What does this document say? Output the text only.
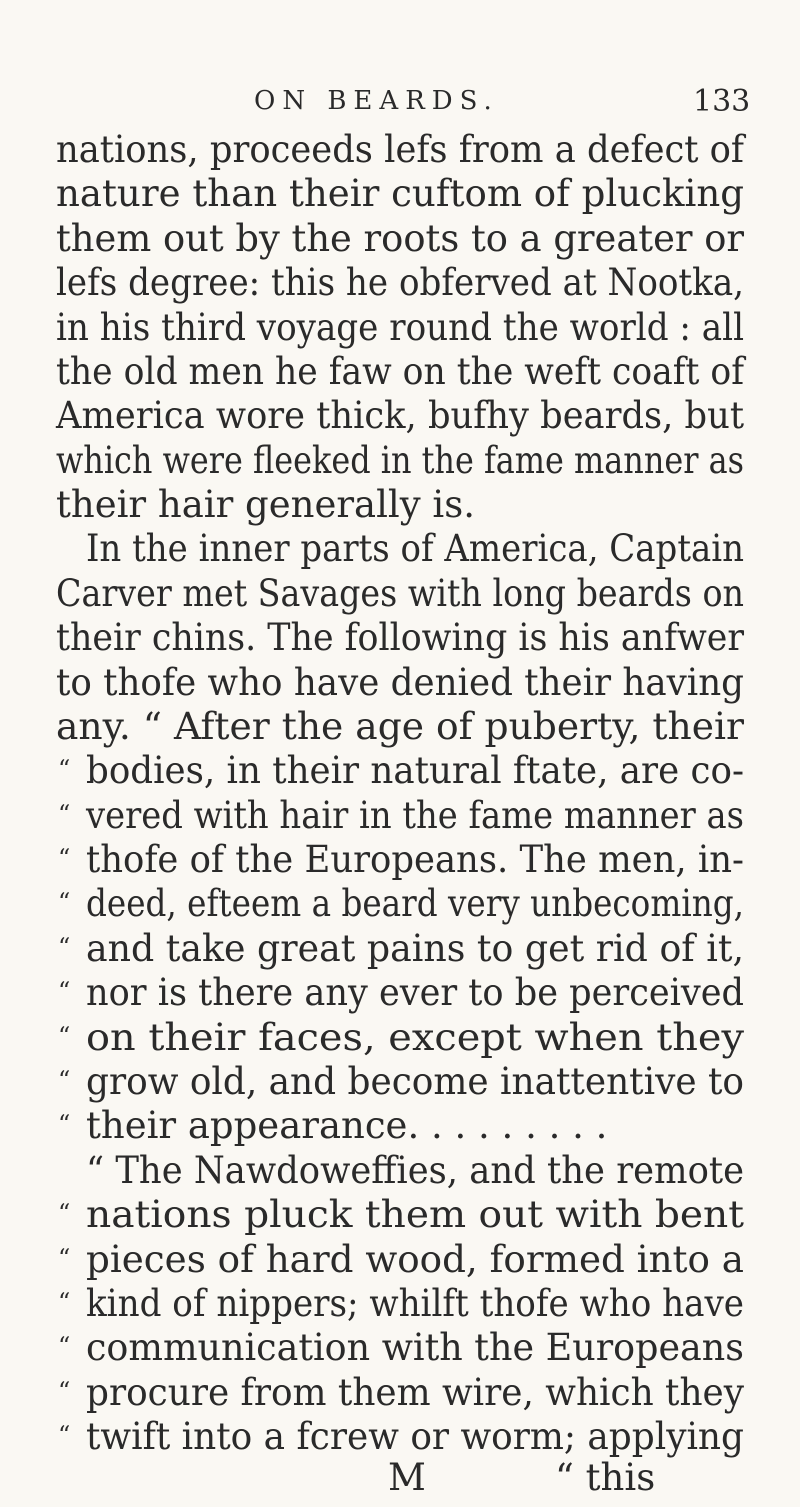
ON BEARDS.	133
nations, proceeds lefs from a defect of
nature than their cuftom of plucking
them out by the roots to a greater or
lefs degree: this he obferved at Nootka,
in his third voyage round the world : all
the old men he faw on the weft coaft of
America wore thick, bufhy beards, but
which were fleeked in the fame manner as
their hair generally is.
In the inner parts of America, Captain
Carver met Savages with long beards on
their chins. The following is his anfwer
to thofe who have denied their having
any. “ After the age of puberty, their
“ bodies, in their natural ftate, are co-
“ vered with hair in the fame manner as
“ thofe of the Europeans. The men, in-
“ deed, efteem a beard very unbecoming,
“ and take great pains to get rid of it,
“ nor is there any ever to be perceived
“ on their faces, except when they
“ grow old, and become inattentive to
“ their appearance. . . . . . . . .
“ The Nawdoweffies, and the remote
“ nations pluck them out with bent
“ pieces of hard wood, formed into a
“ kind of nippers; whilft thofe who have
“ communication with the Europeans
“ procure from them wire, which they
“ twift into a fcrew or worm; applying
M	“ this
